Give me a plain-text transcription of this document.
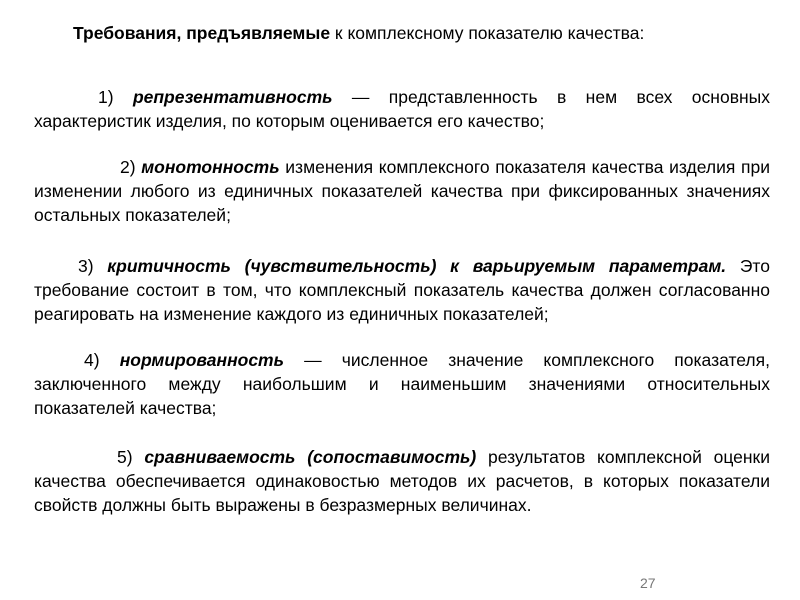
Требования, предъявляемые к комплексному показателю качества:
1) репрезентативность — представленность в нем всех основных характеристик изделия, по которым оценивается его качество;
2) монотонность изменения комплексного показателя качества изделия при изменении любого из единичных показателей качества при фиксированных значениях остальных показателей;
3) критичность (чувствительность) к варьируемым параметрам. Это требование состоит в том, что комплексный показатель качества должен согласованно реагировать на изменение каждого из единичных показателей;
4) нормированность — численное значение комплексного показателя, заключенного между наибольшим и наименьшим значениями относительных показателей качества;
5) сравниваемость (сопоставимость) результатов комплексной оценки качества обеспечивается одинаковостью методов их расчетов, в которых показатели свойств должны быть выражены в безразмерных величинах.
27
